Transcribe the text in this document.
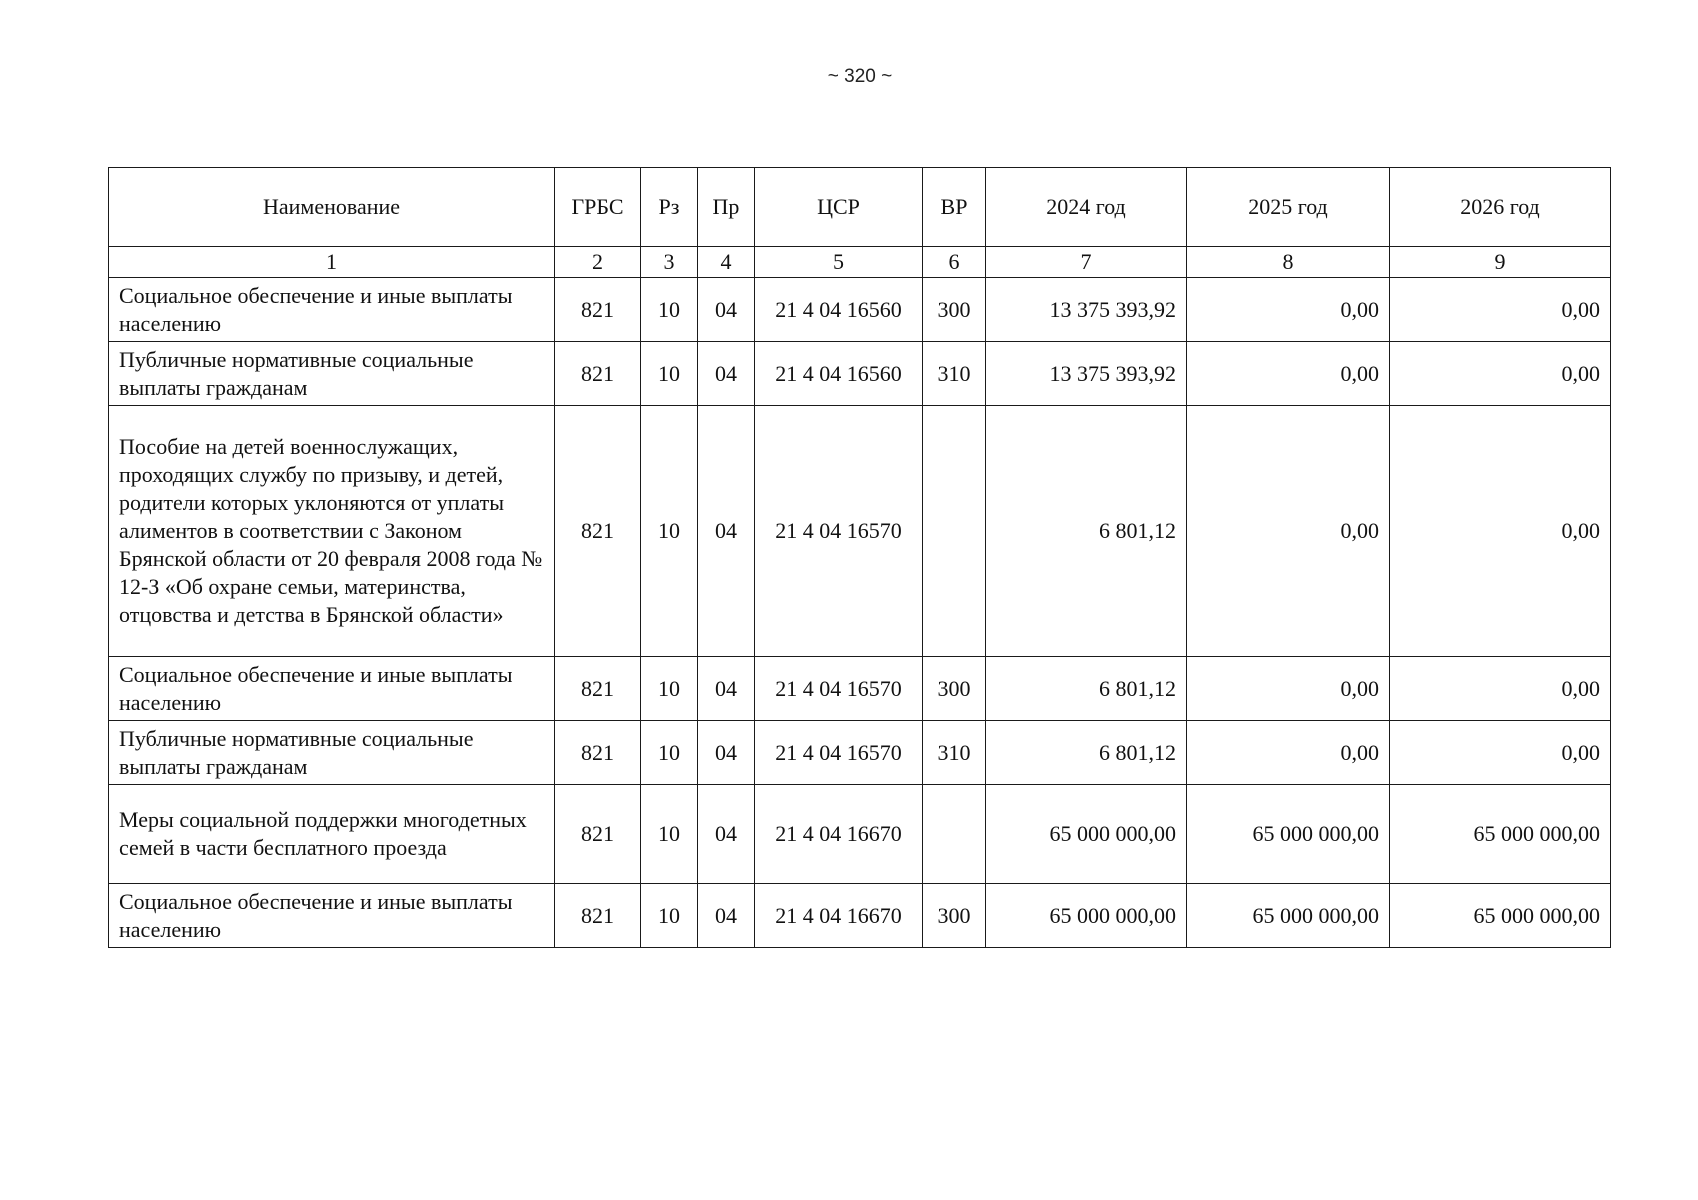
~ 320 ~
Наименование	ГРБС	Рз	Пр	ЦСР	ВР	2024 год	2025 год	2026 год
1	2	3	4	5	6	7	8	9
Социальное обеспечение и иные выплаты населению	821	10	04	21 4 04 16560	300	13 375 393,92	0,00	0,00
Публичные нормативные социальные выплаты гражданам	821	10	04	21 4 04 16560	310	13 375 393,92	0,00	0,00
Пособие на детей военнослужащих, проходящих службу по призыву, и детей, родители которых уклоняются от уплаты алиментов в соответствии с Законом Брянской области от 20 февраля 2008 года № 12-З «Об охране семьи, материнства, отцовства и детства в Брянской области»	821	10	04	21 4 04 16570		6 801,12	0,00	0,00
Социальное обеспечение и иные выплаты населению	821	10	04	21 4 04 16570	300	6 801,12	0,00	0,00
Публичные нормативные социальные выплаты гражданам	821	10	04	21 4 04 16570	310	6 801,12	0,00	0,00
Меры социальной поддержки многодетных семей в части бесплатного проезда	821	10	04	21 4 04 16670		65 000 000,00	65 000 000,00	65 000 000,00
Социальное обеспечение и иные выплаты населению	821	10	04	21 4 04 16670	300	65 000 000,00	65 000 000,00	65 000 000,00
